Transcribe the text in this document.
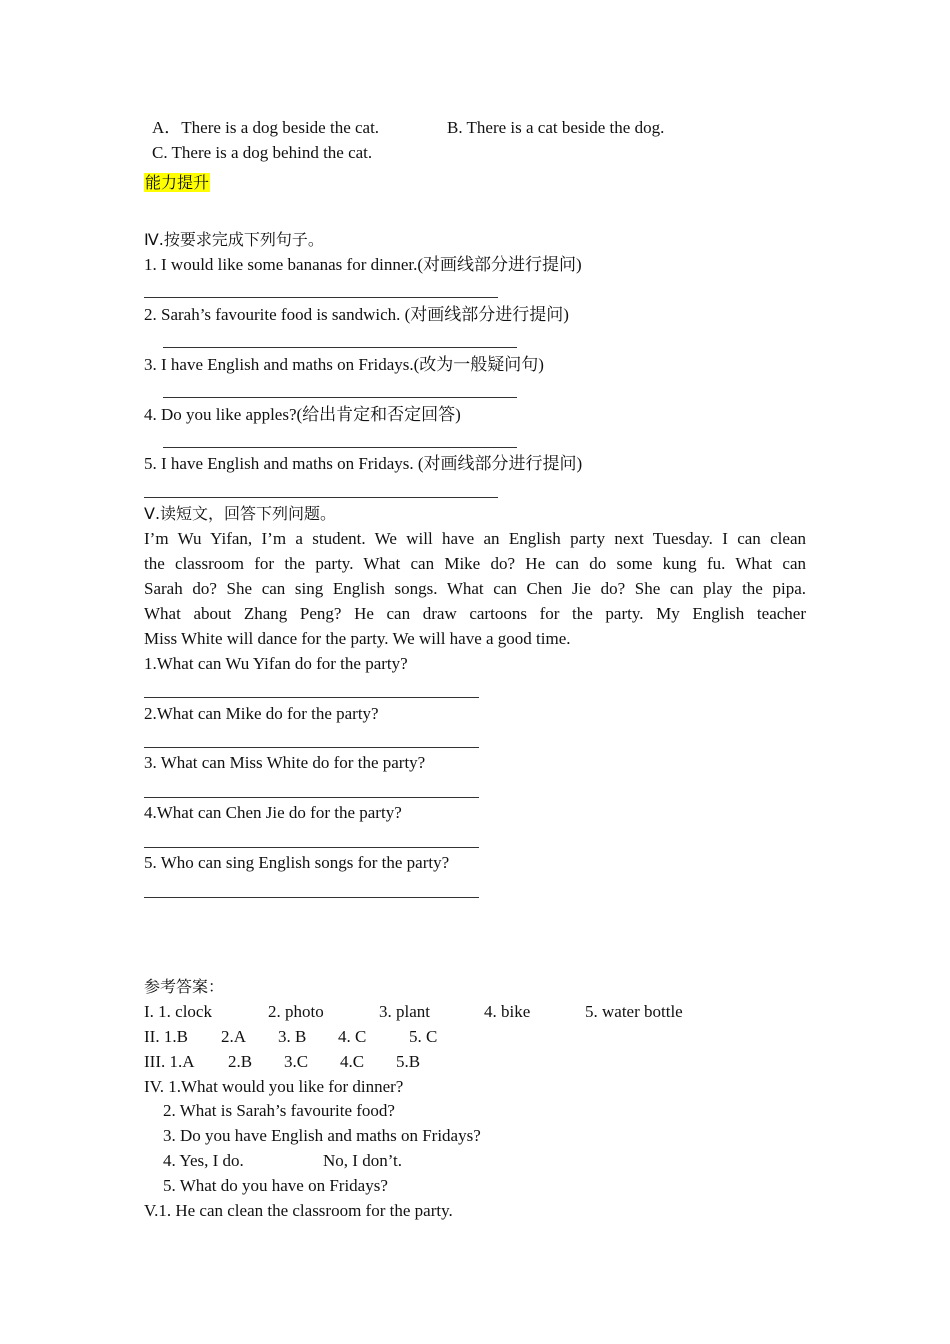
A．There is a dog beside the cat.	B. There is a cat beside the dog.
C. There is a dog behind the cat.
能力提升
Ⅳ.按要求完成下列句子。
1. I would like some bananas for dinner.(对画线部分进行提问)
2. Sarah’s favourite food is sandwich. (对画线部分进行提问)
3. I have English and maths on Fridays.(改为一般疑问句)
4. Do you like apples?(给出肯定和否定回答)
5. I have English and maths on Fridays. (对画线部分进行提问)
Ⅴ.读短文，回答下列问题。
I’m Wu Yifan, I’m a student. We will have an English party next Tuesday. I can clean
the classroom for the party. What can Mike do? He can do some kung fu. What can
Sarah do? She can sing English songs. What can Chen Jie do? She can play the pipa.
What about Zhang Peng? He can draw cartoons for the party. My English teacher
Miss White will dance for the party. We will have a good time.
1.What can Wu Yifan do for the party?
2.What can Mike do for the party?
3. What can Miss White do for the party?
4.What can Chen Jie do for the party?
5. Who can sing English songs for the party?
参考答案：
I. 1. clock	2. photo	3. plant	4. bike	5. water bottle
II. 1.B 2.A 3. B 4. C	5. C
III. 1.A 2.B 3.C 4.C 5.B
IV. 1.What would you like for dinner?
2. What is Sarah’s favourite food?
3. Do you have English and maths on Fridays?
4. Yes, I do.	No, I don’t.
5. What do you have on Fridays?
V.1. He can clean the classroom for the party.
